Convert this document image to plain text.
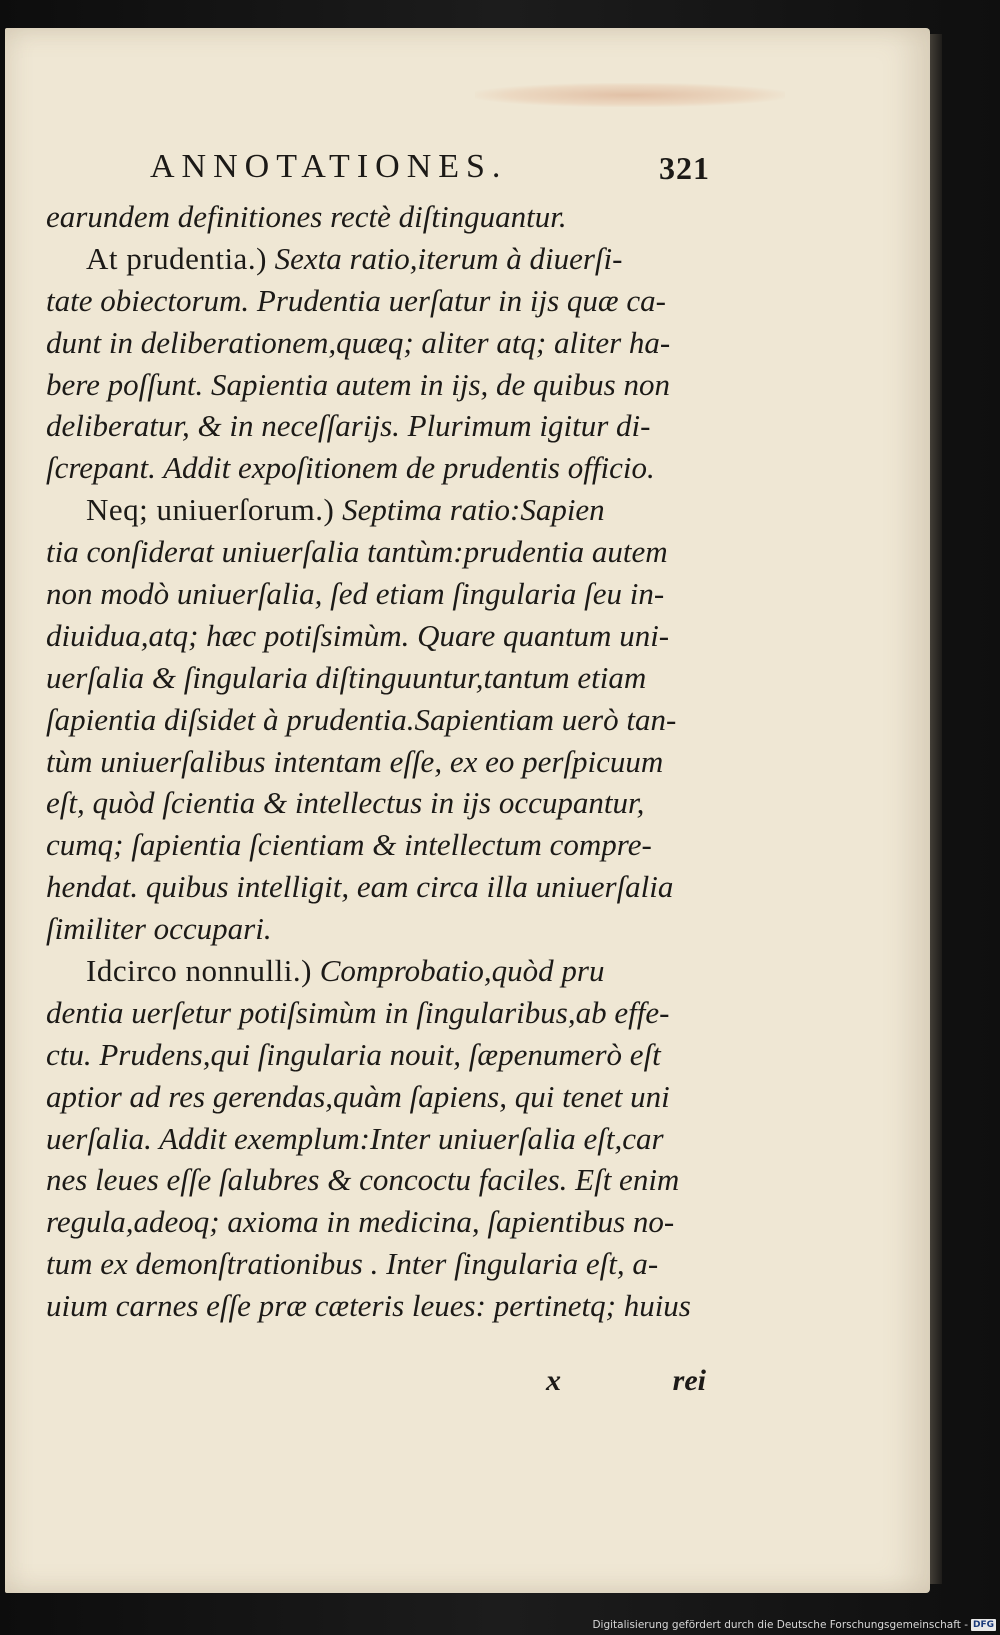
ANNOTATIONES.	321
earundem definitiones rectè diſtinguantur.
At prudentia.) Sexta ratio,iterum à diuerſi-
tate obiectorum. Prudentia uerſatur in ijs quæ ca-
dunt in deliberationem,quæq; aliter atq; aliter ha-
bere poſſunt. Sapientia autem in ijs, de quibus non
deliberatur, & in neceſſarijs. Plurimum igitur di-
ſcrepant. Addit expoſitionem de prudentis officio.
Neq; uniuerſorum.) Septima ratio:Sapien
tia conſiderat uniuerſalia tantùm:prudentia autem
non modò uniuerſalia, ſed etiam ſingularia ſeu in-
diuidua,atq; hæc potiſsimùm. Quare quantum uni-
uerſalia & ſingularia diſtinguuntur,tantum etiam
ſapientia diſsidet à prudentia.Sapientiam uerò tan-
tùm uniuerſalibus intentam eſſe, ex eo perſpicuum
eſt, quòd ſcientia & intellectus in ijs occupantur,
cumq; ſapientia ſcientiam & intellectum compre-
hendat. quibus intelligit, eam circa illa uniuerſalia
ſimiliter occupari.
Idcirco nonnulli.) Comprobatio,quòd pru
dentia uerſetur potiſsimùm in ſingularibus,ab effe-
ctu. Prudens,qui ſingularia nouit, ſæpenumerò eſt
aptior ad res gerendas,quàm ſapiens, qui tenet uni
uerſalia. Addit exemplum:Inter uniuerſalia eſt,car
nes leues eſſe ſalubres & concoctu faciles. Eſt enim
regula,adeoq; axioma in medicina, ſapientibus no-
tum ex demonſtrationibus . Inter ſingularia eſt, a-
uium carnes eſſe præ cæteris leues: pertinetq; huius
x	rei
Digitalisierung gefördert durch die Deutsche Forschungsgemeinschaft - DFG
